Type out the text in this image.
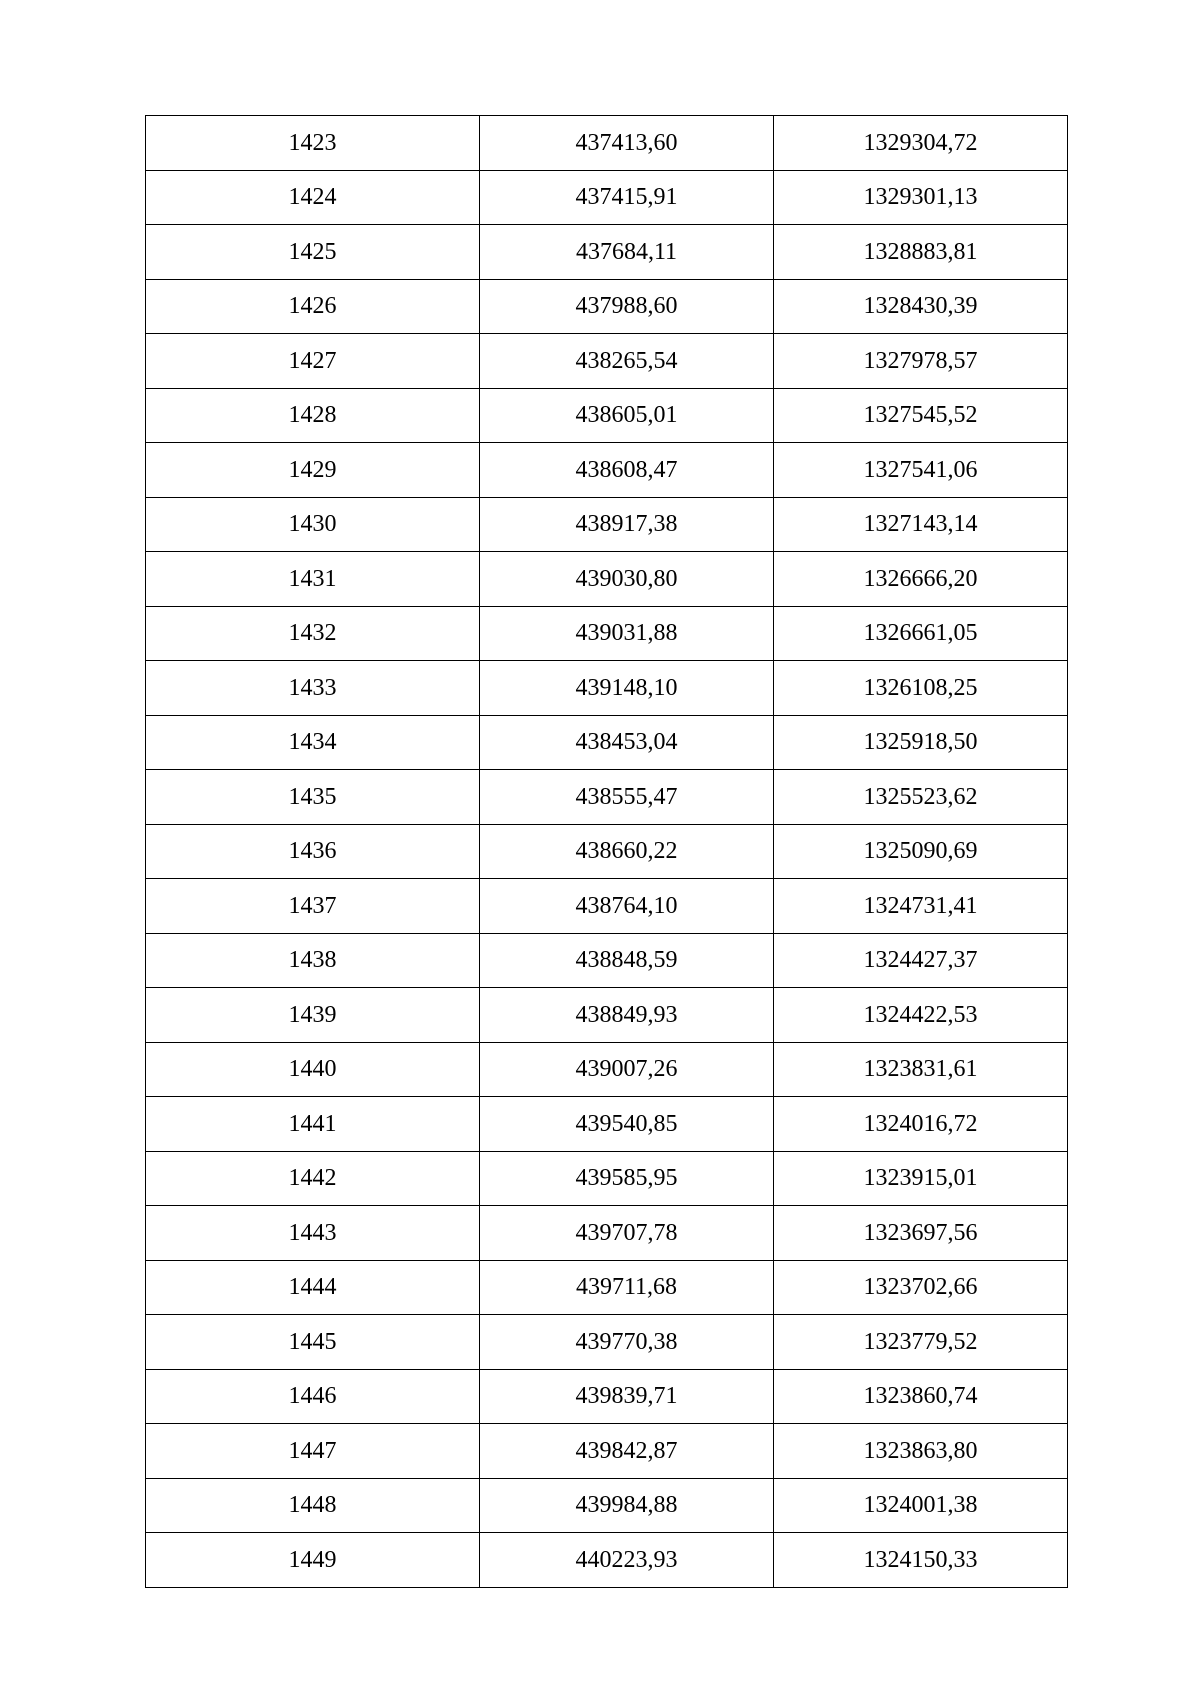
1423	437413,60	1329304,72
1424	437415,91	1329301,13
1425	437684,11	1328883,81
1426	437988,60	1328430,39
1427	438265,54	1327978,57
1428	438605,01	1327545,52
1429	438608,47	1327541,06
1430	438917,38	1327143,14
1431	439030,80	1326666,20
1432	439031,88	1326661,05
1433	439148,10	1326108,25
1434	438453,04	1325918,50
1435	438555,47	1325523,62
1436	438660,22	1325090,69
1437	438764,10	1324731,41
1438	438848,59	1324427,37
1439	438849,93	1324422,53
1440	439007,26	1323831,61
1441	439540,85	1324016,72
1442	439585,95	1323915,01
1443	439707,78	1323697,56
1444	439711,68	1323702,66
1445	439770,38	1323779,52
1446	439839,71	1323860,74
1447	439842,87	1323863,80
1448	439984,88	1324001,38
1449	440223,93	1324150,33
